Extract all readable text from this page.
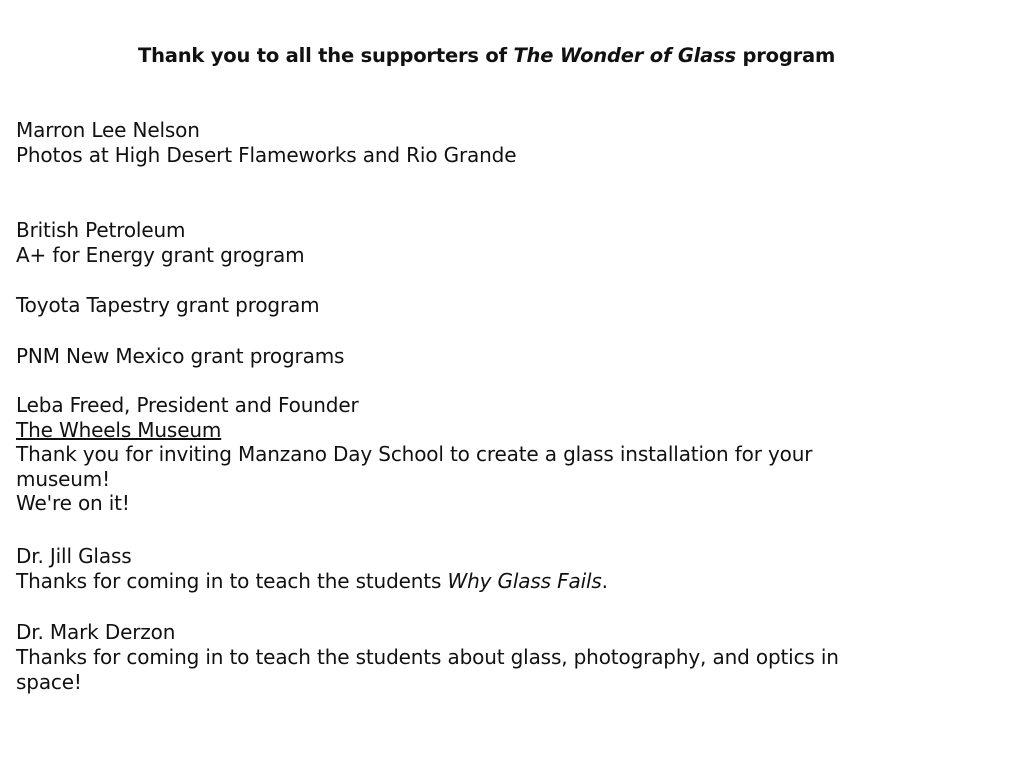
Thank you to all the supporters of The Wonder of Glass program
Marron Lee Nelson
Photos at High Desert Flameworks and Rio Grande
British Petroleum
A+ for Energy grant grogram
Toyota Tapestry grant program
PNM New Mexico grant programs
Leba Freed, President and Founder
The Wheels Museum
Thank you for inviting Manzano Day School to create a glass installation for your museum!
We're on it!
Dr. Jill Glass
Thanks for coming in to teach the students Why Glass Fails.
Dr. Mark Derzon
Thanks for coming in to teach the students about glass, photography, and optics in space!
